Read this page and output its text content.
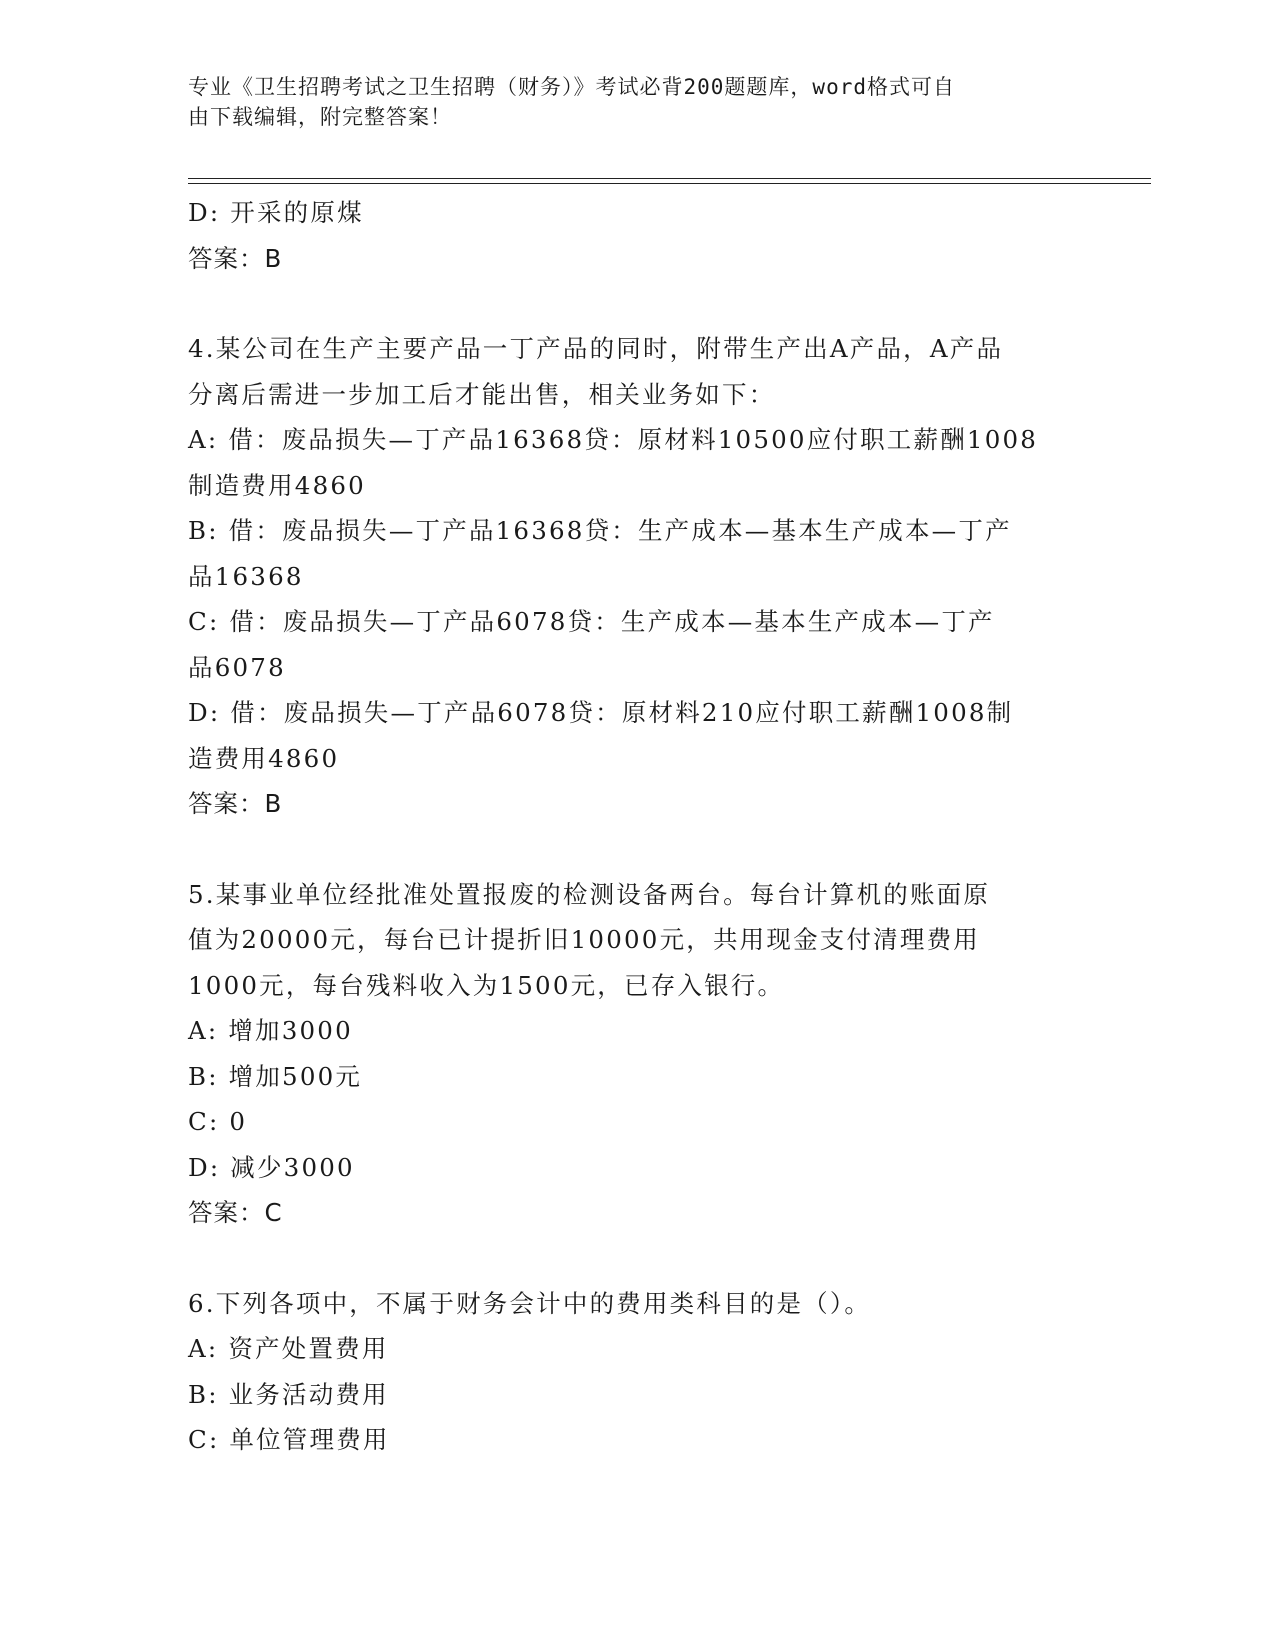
专业《卫生招聘考试之卫生招聘（财务）》考试必背200题题库，word格式可自
由下载编辑，附完整答案！
D: 开采的原煤
答案：B
4.某公司在生产主要产品一丁产品的同时，附带生产出A产品，A产品
分离后需进一步加工后才能出售，相关业务如下：
A: 借：废品损失—丁产品16368贷：原材料10500应付职工薪酬1008
制造费用4860
B: 借：废品损失—丁产品16368贷：生产成本—基本生产成本—丁产
品16368
C: 借：废品损失—丁产品6078贷：生产成本—基本生产成本—丁产
品6078
D: 借：废品损失—丁产品6078贷：原材料210应付职工薪酬1008制
造费用4860
答案：B
5.某事业单位经批准处置报废的检测设备两台。每台计算机的账面原
值为20000元，每台已计提折旧10000元，共用现金支付清理费用
1000元，每台残料收入为1500元，已存入银行。
A: 增加3000
B: 增加500元
C: 0
D: 减少3000
答案：C
6.下列各项中，不属于财务会计中的费用类科目的是（）。
A: 资产处置费用
B: 业务活动费用
C: 单位管理费用
